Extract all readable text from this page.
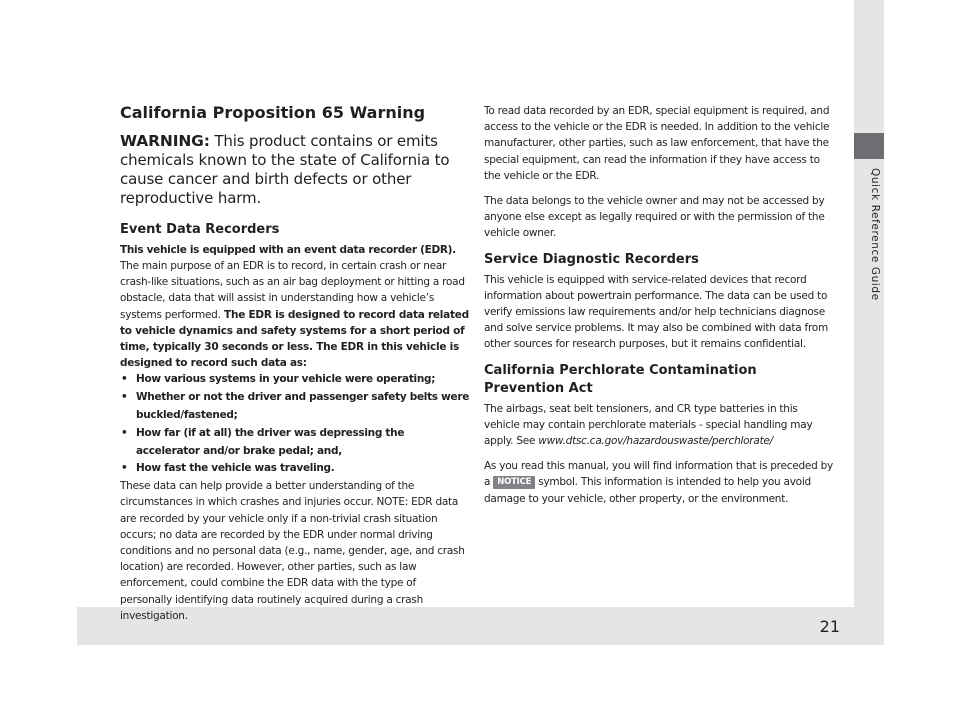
21
Quick Reference Guide
California Proposition 65 Warning
WARNING: This product contains or emits chemicals known to the state of California to cause cancer and birth defects or other reproductive harm.
Event Data Recorders

This vehicle is equipped with an event data recorder (EDR).

The main purpose of an EDR is to record, in certain crash or near crash-like situations, such as an air bag deployment or hitting a road obstacle, data that will assist in understanding how a vehicle’s systems performed. The EDR is designed to record data related to vehicle dynamics and safety systems for a short period of time, typically 30 seconds or less. The EDR in this vehicle is designed to record such data as:

• How various systems in your vehicle were operating;
• Whether or not the driver and passenger safety belts were buckled/fastened;
• How far (if at all) the driver was depressing the accelerator and/or brake pedal; and,
• How fast the vehicle was traveling.

These data can help provide a better understanding of the circumstances in which crashes and injuries occur. NOTE: EDR data are recorded by your vehicle only if a non-trivial crash situation occurs; no data are recorded by the EDR under normal driving conditions and no personal data (e.g., name, gender, age, and crash location) are recorded. However, other parties, such as law enforcement, could combine the EDR data with the type of personally identifying data routinely acquired during a crash investigation.

To read data recorded by an EDR, special equipment is required, and access to the vehicle or the EDR is needed. In addition to the vehicle manufacturer, other parties, such as law enforcement, that have the special equipment, can read the information if they have access to the vehicle or the EDR.

The data belongs to the vehicle owner and may not be accessed by anyone else except as legally required or with the permission of the vehicle owner.

Service Diagnostic Recorders

This vehicle is equipped with service-related devices that record information about powertrain performance. The data can be used to verify emissions law requirements and/or help technicians diagnose and solve service problems. It may also be combined with data from other sources for research purposes, but it remains confidential.

California Perchlorate Contamination Prevention Act

The airbags, seat belt tensioners, and CR type batteries in this vehicle may contain perchlorate materials - special handling may apply. See www.dtsc.ca.gov/hazardouswaste/perchlorate/

As you read this manual, you will find information that is preceded by a NOTICE symbol. This information is intended to help you avoid damage to your vehicle, other property, or the environment.
